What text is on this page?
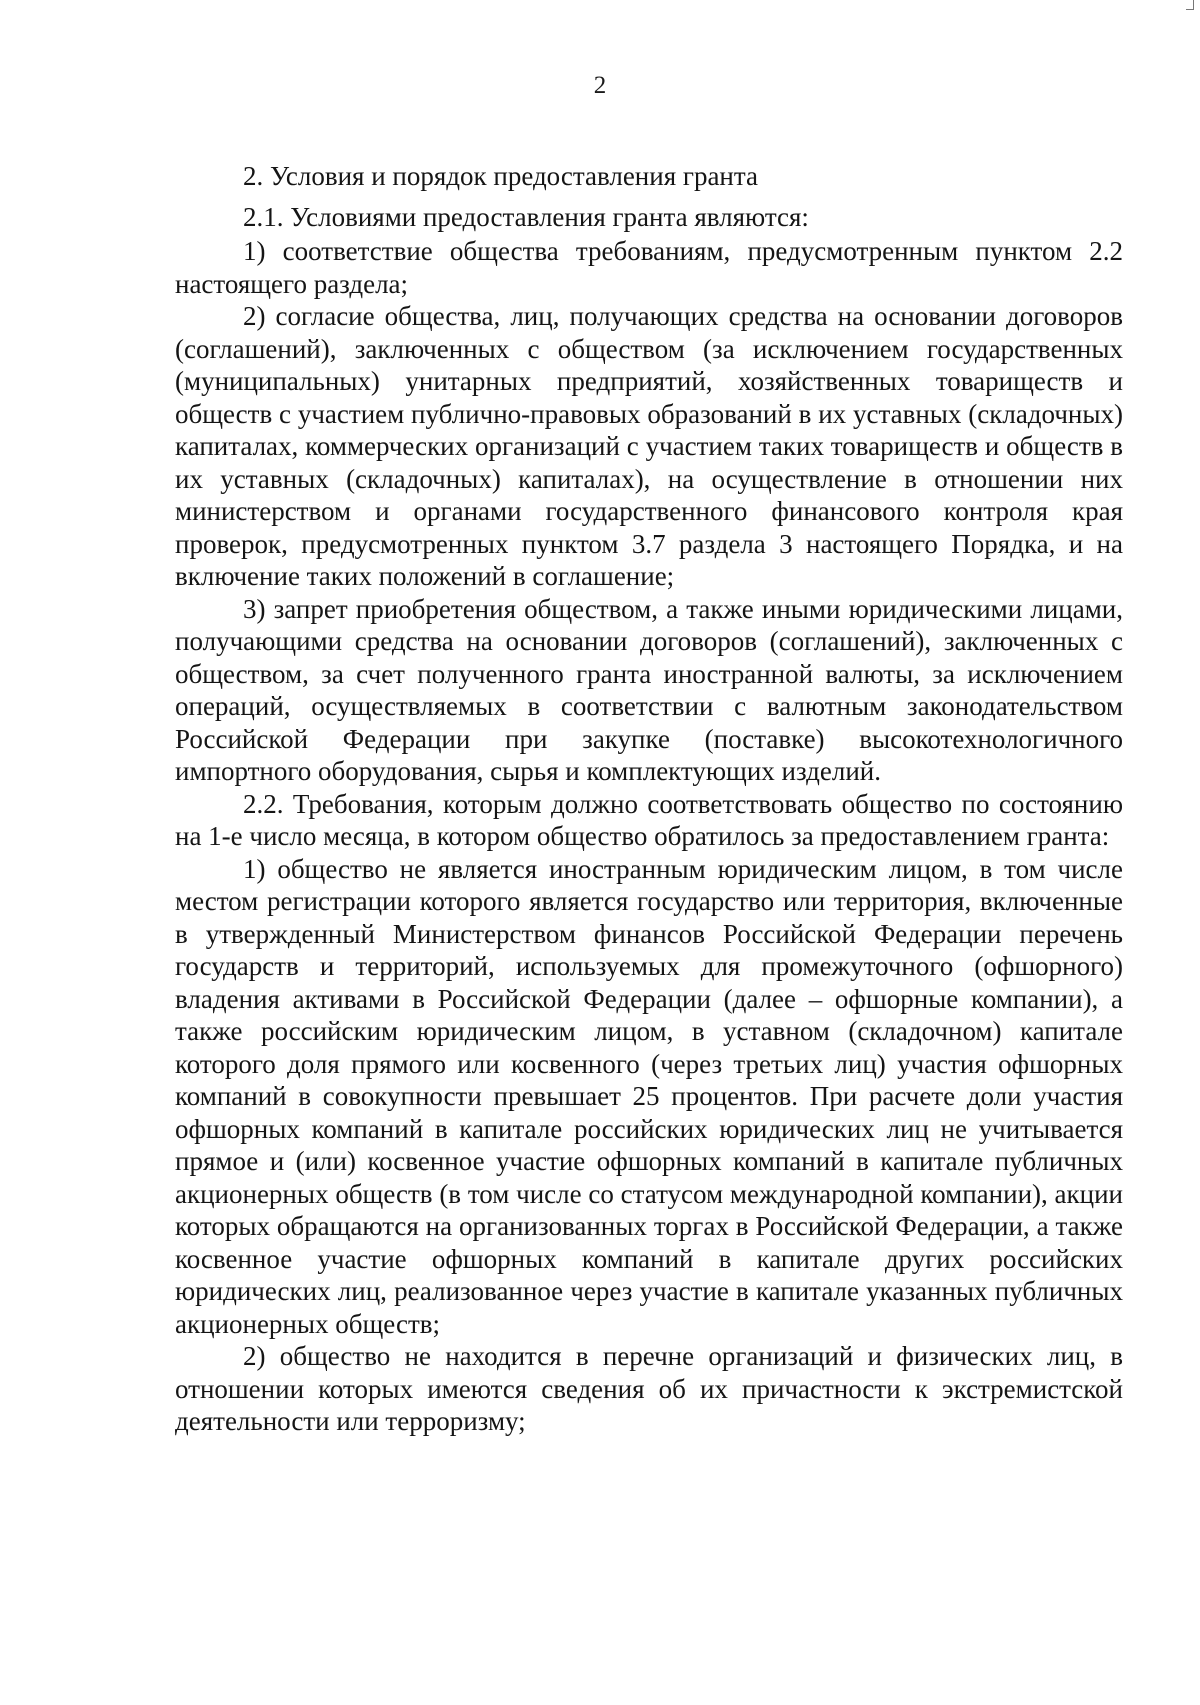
2

2. Условия и порядок предоставления гранта

2.1. Условиями предоставления гранта являются:

1) соответствие общества требованиям, предусмотренным пунктом 2.2 настоящего раздела;

2) согласие общества, лиц, получающих средства на основании договоров (соглашений), заключенных с обществом (за исключением государственных (муниципальных) унитарных предприятий, хозяйственных товариществ и обществ с участием публично-правовых образований в их уставных (складочных) капиталах, коммерческих организаций с участием таких товариществ и обществ в их уставных (складочных) капиталах), на осуществление в отношении них министерством и органами государственного финансового контроля края проверок, предусмотренных пунктом 3.7 раздела 3 настоящего Порядка, и на включение таких положений в соглашение;

3) запрет приобретения обществом, а также иными юридическими лицами, получающими средства на основании договоров (соглашений), заключенных с обществом, за счет полученного гранта иностранной валюты, за исключением операций, осуществляемых в соответствии с валютным законодательством Российской Федерации при закупке (поставке) высокотехнологичного импортного оборудования, сырья и комплектующих изделий.

2.2. Требования, которым должно соответствовать общество по состоянию на 1-е число месяца, в котором общество обратилось за предоставлением гранта:

1) общество не является иностранным юридическим лицом, в том числе местом регистрации которого является государство или территория, включенные в утвержденный Министерством финансов Российской Федерации перечень государств и территорий, используемых для промежуточного (офшорного) владения активами в Российской Федерации (далее – офшорные компании), а также российским юридическим лицом, в уставном (складочном) капитале которого доля прямого или косвенного (через третьих лиц) участия офшорных компаний в совокупности превышает 25 процентов. При расчете доли участия офшорных компаний в капитале российских юридических лиц не учитывается прямое и (или) косвенное участие офшорных компаний в капитале публичных акционерных обществ (в том числе со статусом международной компании), акции которых обращаются на организованных торгах в Российской Федерации, а также косвенное участие офшорных компаний в капитале других российских юридических лиц, реализованное через участие в капитале указанных публичных акционерных обществ;

2) общество не находится в перечне организаций и физических лиц, в отношении которых имеются сведения об их причастности к экстремистской деятельности или терроризму;
